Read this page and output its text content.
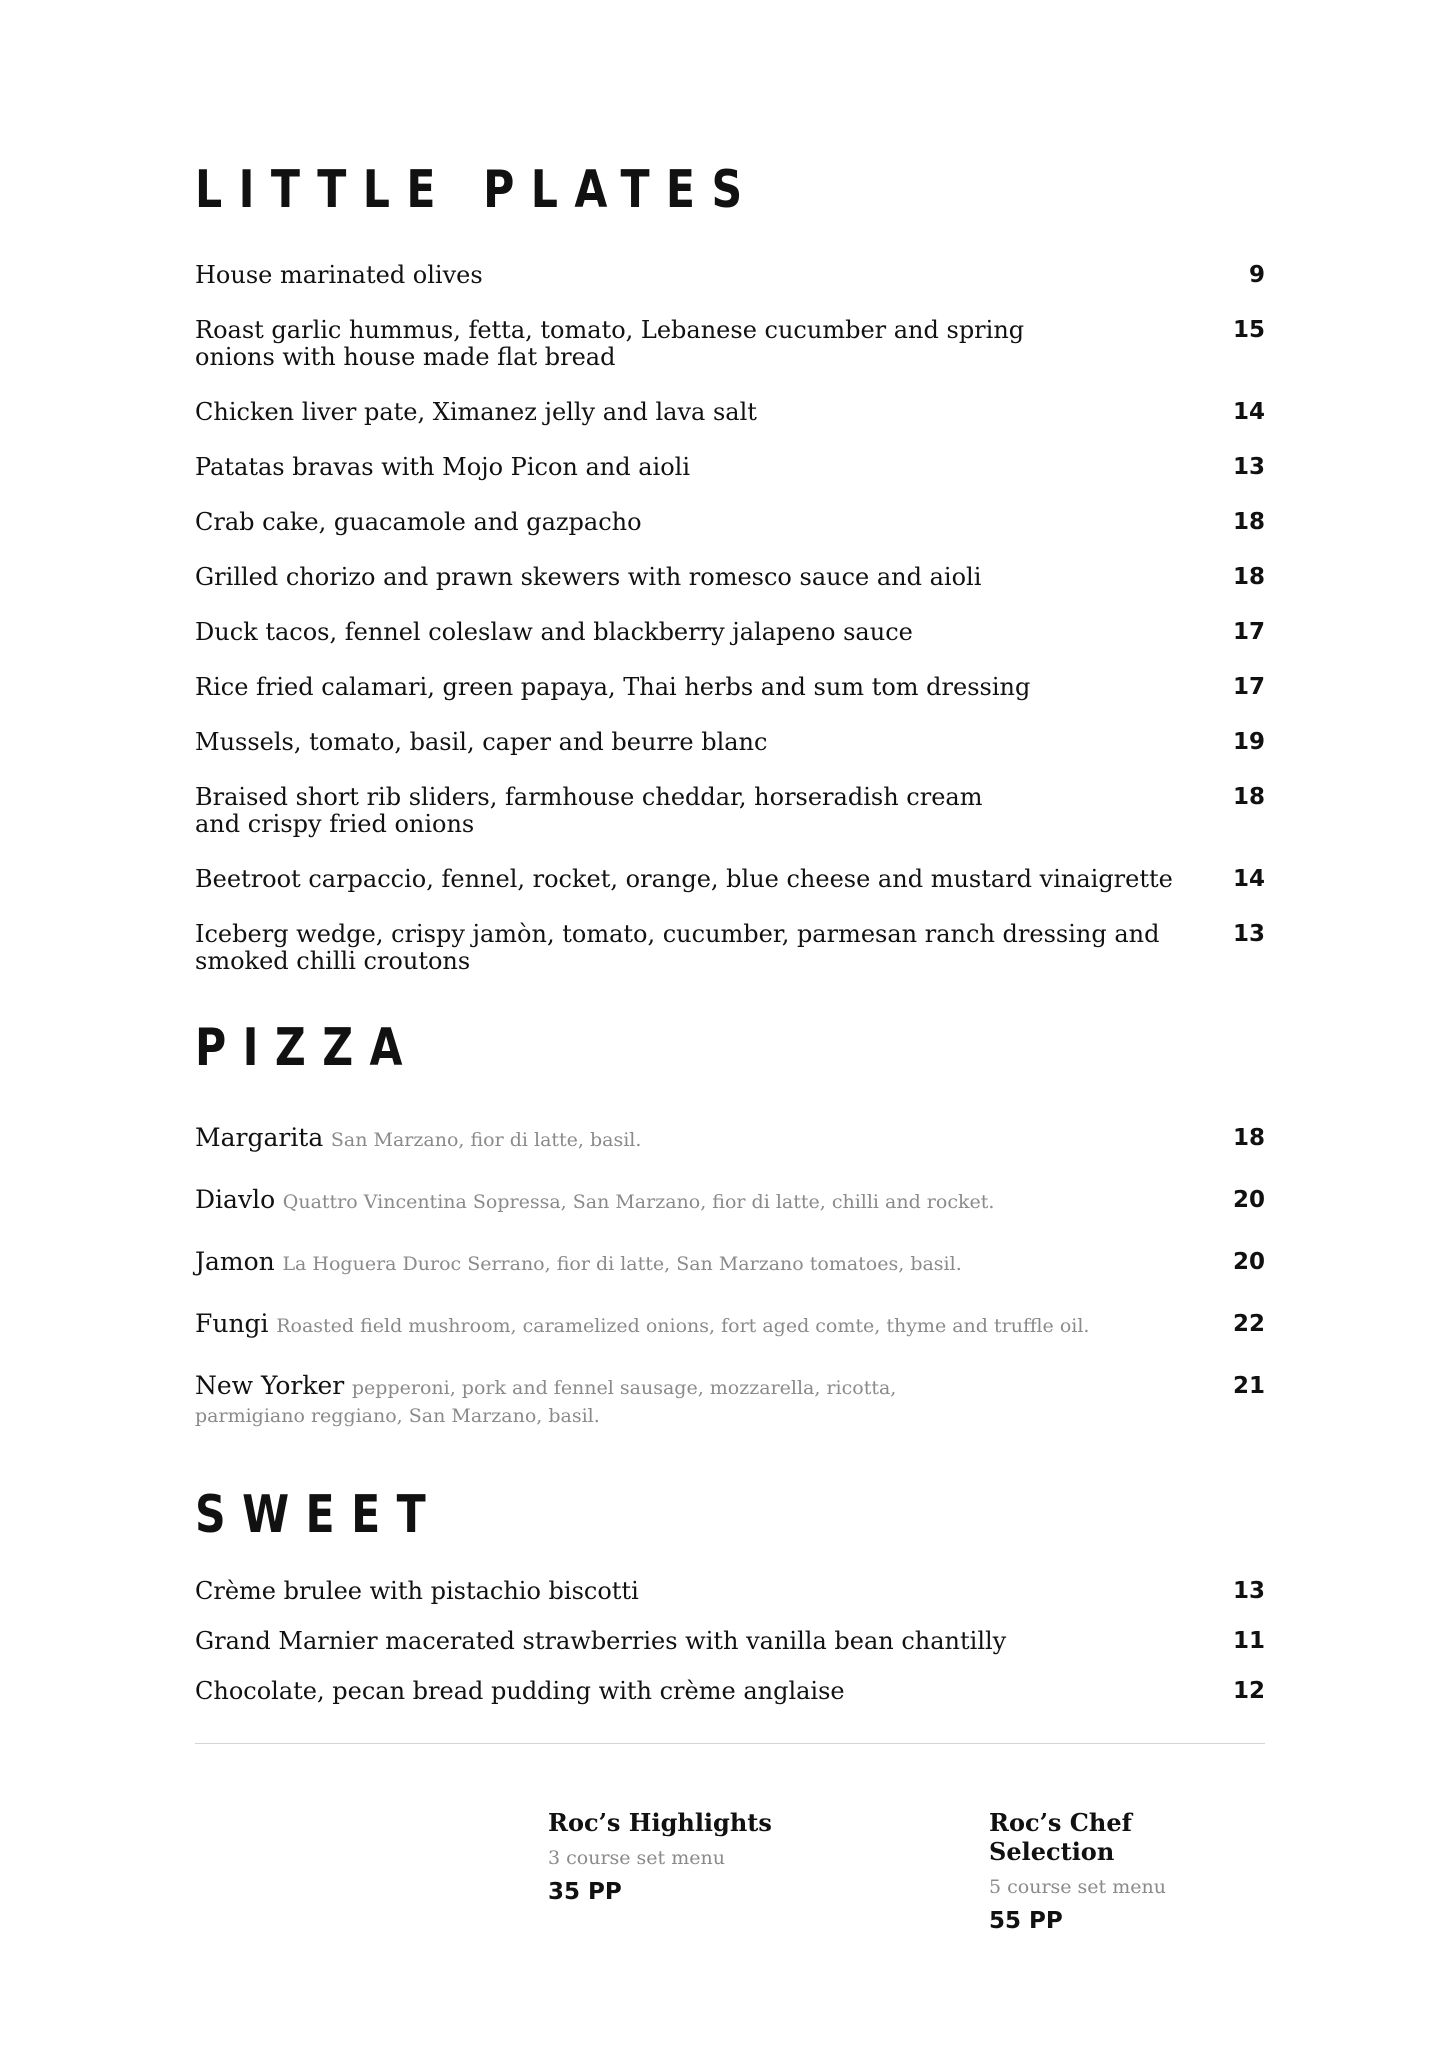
LITTLE PLATES
House marinated olives	9
Roast garlic hummus, fetta, tomato, Lebanese cucumber and spring onions with house made flat bread
15
Chicken liver pate, Ximanez jelly and lava salt	14
Patatas bravas with Mojo Picon and aioli	13
Crab cake, guacamole and gazpacho	18
Grilled chorizo and prawn skewers with romesco sauce and aioli	18
Duck tacos, fennel coleslaw and blackberry jalapeno sauce	17
Rice fried calamari, green papaya, Thai herbs and sum tom dressing	17
Mussels, tomato, basil, caper and beurre blanc	19
Braised short rib sliders, farmhouse cheddar, horseradish cream and crispy fried onions
18
Beetroot carpaccio, fennel, rocket, orange, blue cheese and mustard vinaigrette	14
Iceberg wedge, crispy jamòn, tomato, cucumber, parmesan ranch dressing and smoked chilli croutons
13
PIZZA
Margarita San Marzano, fior di latte, basil.	18
Diavlo Quattro Vincentina Sopressa, San Marzano, fior di latte, chilli and rocket.	20
Jamon La Hoguera Duroc Serrano, fior di latte, San Marzano tomatoes, basil.	20
Fungi Roasted field mushroom, caramelized onions, fort aged comte, thyme and truffle oil.	22
New Yorker pepperoni, pork and fennel sausage, mozzarella, ricotta, parmigiano reggiano, San Marzano, basil.
21
SWEET
Crème brulee with pistachio biscotti	13
Grand Marnier macerated strawberries with vanilla bean chantilly	11
Chocolate, pecan bread pudding with crème anglaise	12

Roc’s Highlights

3 course set menu

35 PP

Roc’s Chef Selection

5 course set menu

55 PP
